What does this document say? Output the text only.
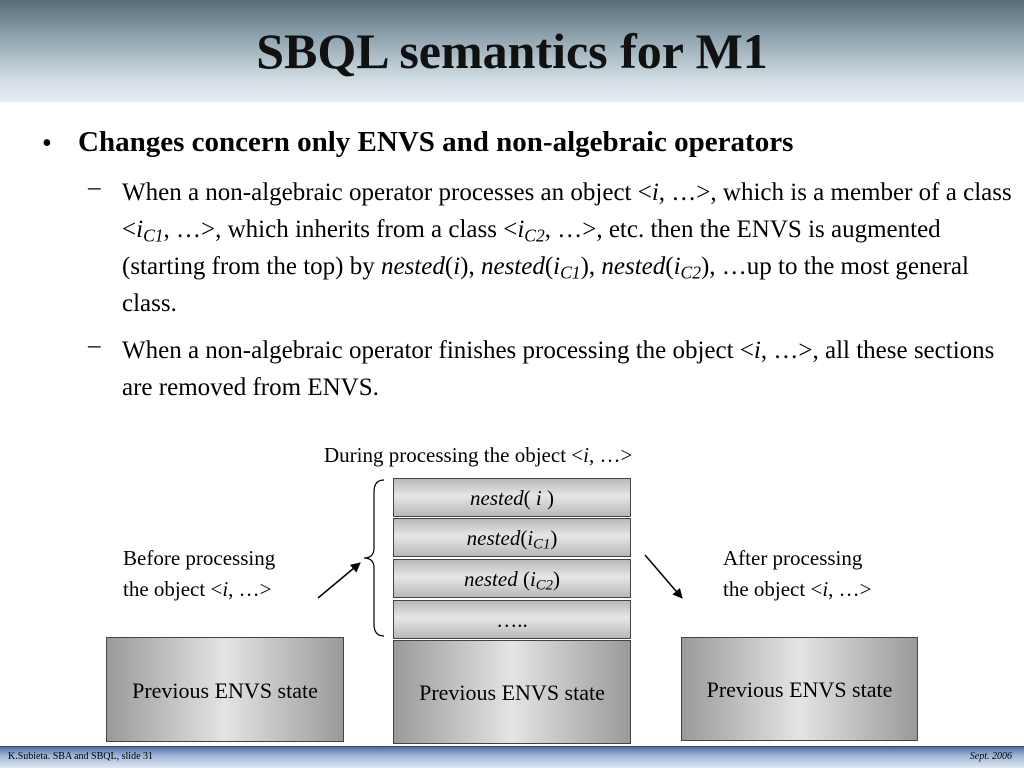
SBQL semantics for M1
• Changes concern only ENVS and non-algebraic operators
– When a non-algebraic operator processes an object <i, …>, which is a member of a class $<i_{C1}$, …>, which inherits from a class $<i_{C2}$, …>, etc. then the ENVS is augmented (starting from the top) by nested(i), $nested(i_{C1})$, $nested(i_{C2})$, …up to the most general class.
– When a non-algebraic operator finishes processing the object <i, …>, all these sections are removed from ENVS.
During processing the object <i, …>
Before processing
the object <i, …>
After processing
the object <i, …>
nested( i )
$nested(i_{C1})$
nested $(i_{C2})$
…..
Previous ENVS state	Previous ENVS state	Previous ENVS state
K.Subieta. SBA and SBQL, slide 31	Sept. 2006
